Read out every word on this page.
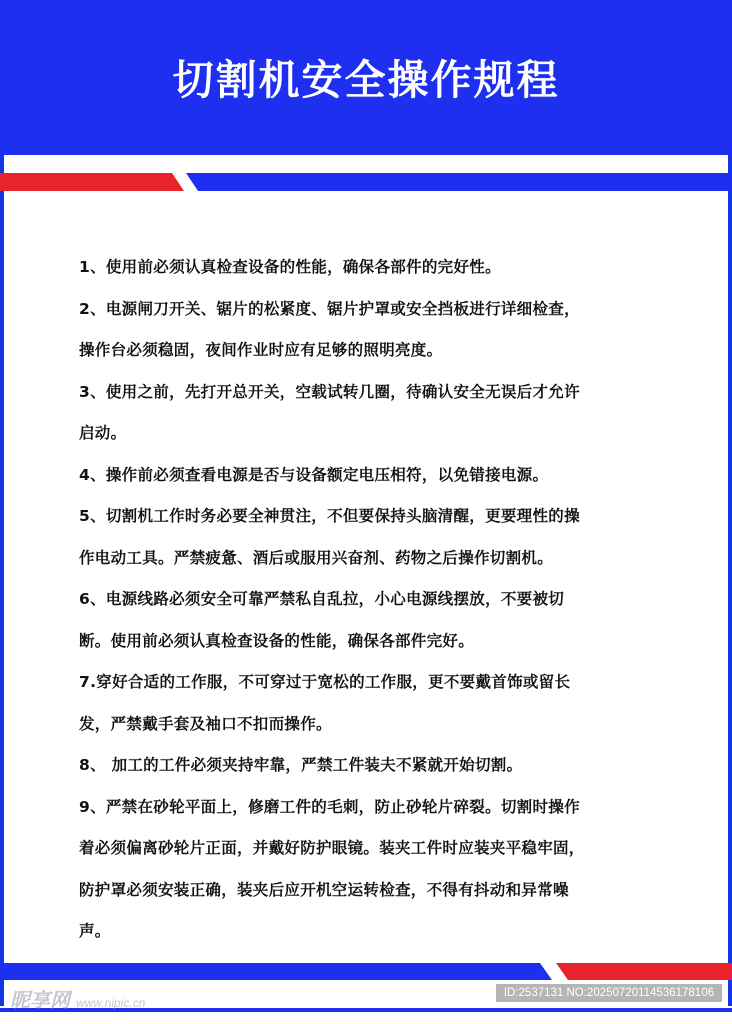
切割机安全操作规程
1、使用前必须认真检查设备的性能，确保各部件的完好性。
2、电源闸刀开关、锯片的松紧度、锯片护罩或安全挡板进行详细检查，
操作台必须稳固，夜间作业时应有足够的照明亮度。
3、使用之前，先打开总开关，空载试转几圈，待确认安全无误后才允许
启动。
4、操作前必须查看电源是否与设备额定电压相符，以免错接电源。
5、切割机工作时务必要全神贯注，不但要保持头脑清醒，更要理性的操
作电动工具。严禁疲惫、酒后或服用兴奋剂、药物之后操作切割机。
6、电源线路必须安全可靠严禁私自乱拉，小心电源线摆放，不要被切
断。使用前必须认真检查设备的性能，确保各部件完好。
7.穿好合适的工作服，不可穿过于宽松的工作服，更不要戴首饰或留长
发，严禁戴手套及袖口不扣而操作。
8、 加工的工件必须夹持牢靠，严禁工件装夫不紧就开始切割。
9、严禁在砂轮平面上，修磨工件的毛刺，防止砂轮片碎裂。切割时操作
着必须偏离砂轮片正面，并戴好防护眼镜。装夹工件时应装夹平稳牢固，
防护罩必须安装正确，装夹后应开机空运转检查，不得有抖动和异常噪
声。
昵享网 www.nipic.cn
ID:2537131 NO:20250720114536178106
